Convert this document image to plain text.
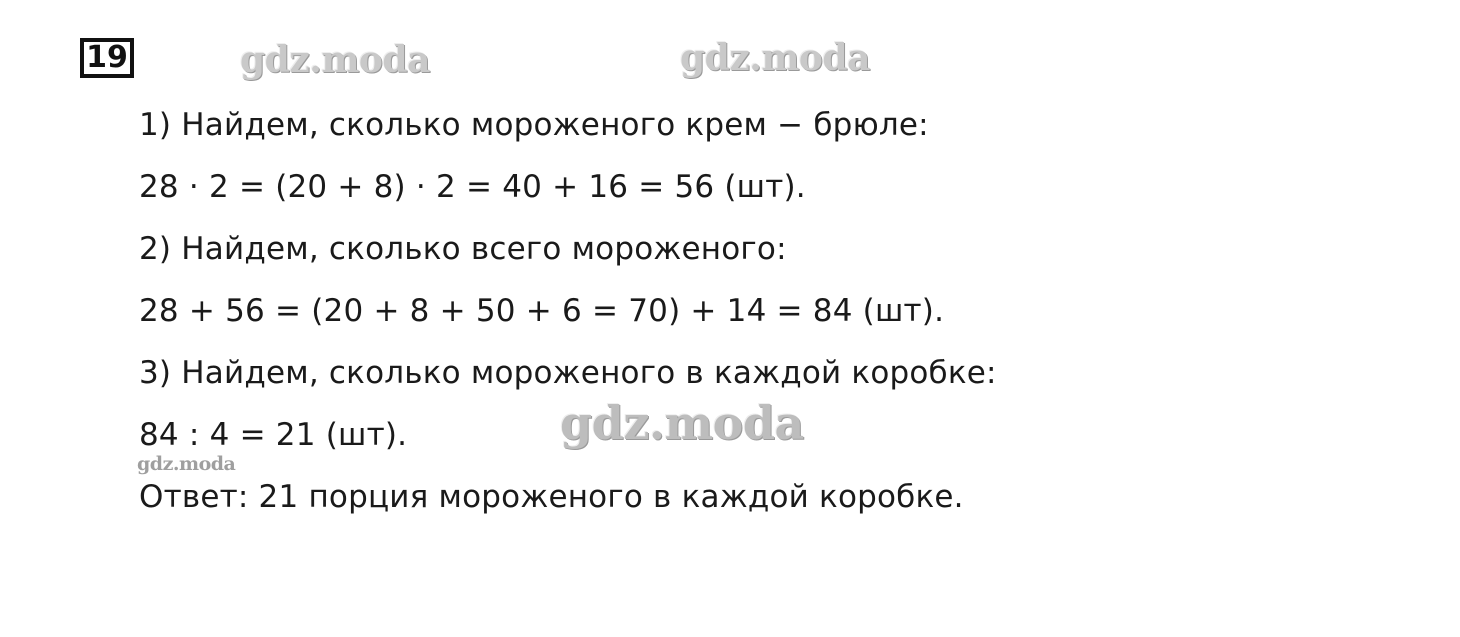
19	gdz.moda	gdz.moda
1) Найдем, сколько мороженого крем − брюле:
28 · 2 = (20 + 8) · 2 = 40 + 16 = 56 (шт).
2) Найдем, сколько всего мороженого:
28 + 56 = (20 + 8 + 50 + 6 = 70) + 14 = 84 (шт).
3) Найдем, сколько мороженого в каждой коробке:
84 : 4 = 21 (шт).
Ответ: 21 порция мороженого в каждой коробке.
gdz.moda
gdz.moda
